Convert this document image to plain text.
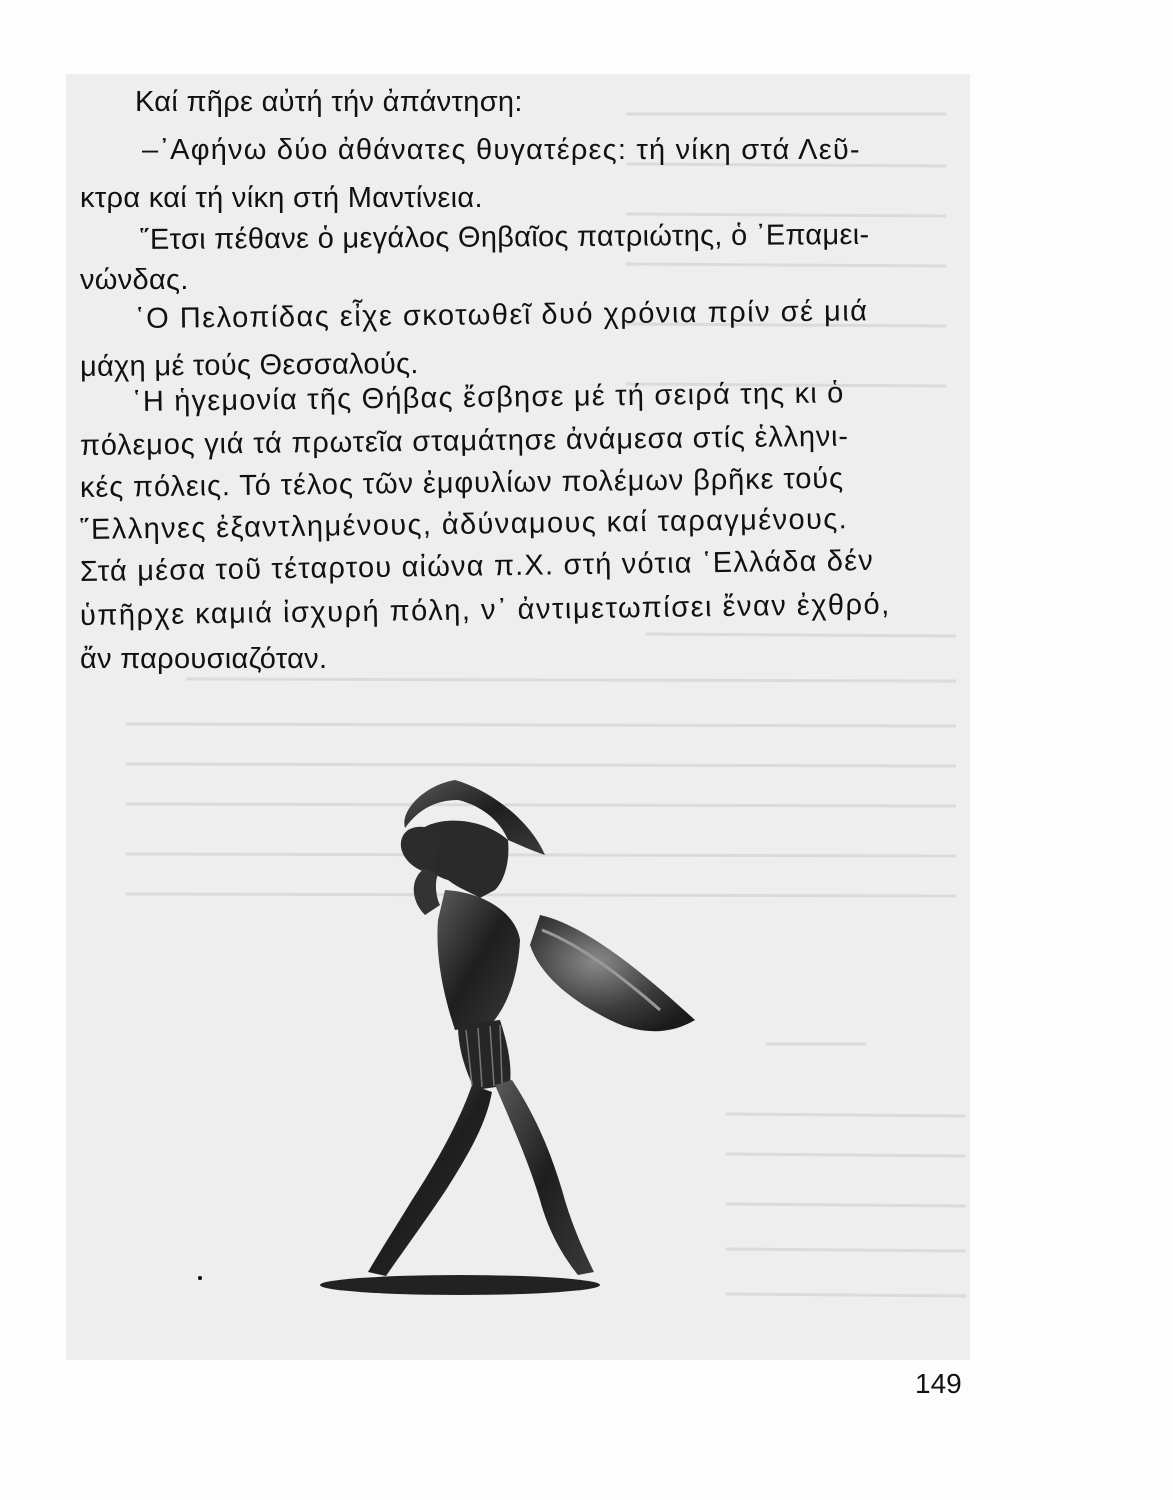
Καί πῆρε αὐτή τήν ἀπάντηση:
–᾿Αφήνω δύο ἀθάνατες θυγατέρες: τή νίκη στά Λεῦ-
κτρα καί τή νίκη στή Μαντίνεια.
῞Ετσι πέθανε ὁ μεγάλος Θηβαῖος πατριώτης, ὁ ᾿Επαμει-
νώνδας.
῾Ο Πελοπίδας εἶχε σκοτωθεῖ δυό χρόνια πρίν σέ μιά
μάχη μέ τούς Θεσσαλούς.
῾Η ἡγεμονία τῆς Θήβας ἔσβησε μέ τή σειρά της κι ὁ
πόλεμος γιά τά πρωτεῖα σταμάτησε ἀνάμεσα στίς ἑλληνι-
κές πόλεις. Τό τέλος τῶν ἐμφυλίων πολέμων βρῆκε τούς
῞Ελληνες ἐξαντλημένους, ἀδύναμους καί ταραγμένους.
Στά μέσα τοῦ τέταρτου αἰώνα π.Χ. στή νότια ῾Ελλάδα δέν
ὑπῆρχε καμιά ἰσχυρή πόλη, ν᾿ ἀντιμετωπίσει ἔναν ἐχθρό,
ἄν παρουσιαζόταν.
149
